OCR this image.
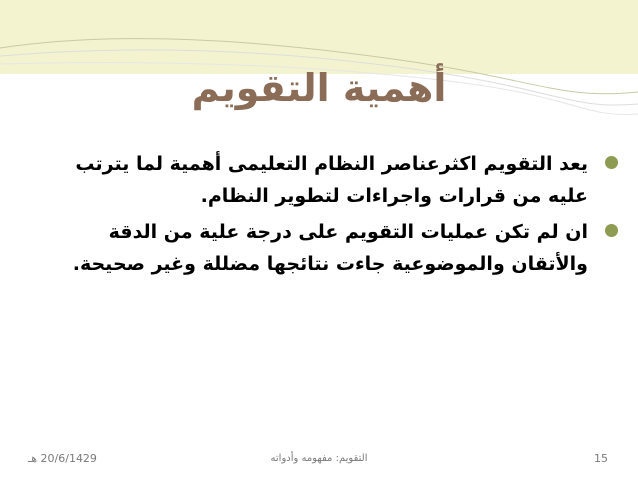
أهمية التقويم
يعد التقويم اكثرعناصر النظام التعليمى أهمية لما يترتب عليه من قرارات واجراءات لتطوير النظام.
ان لم تكن عمليات التقويم على درجة علية من الدقة والأتقان والموضوعية جاءت نتائجها مضللة وغير صحيحة.
20/6/1429 هـ	التقويم: مفهومه وأدواته	15
